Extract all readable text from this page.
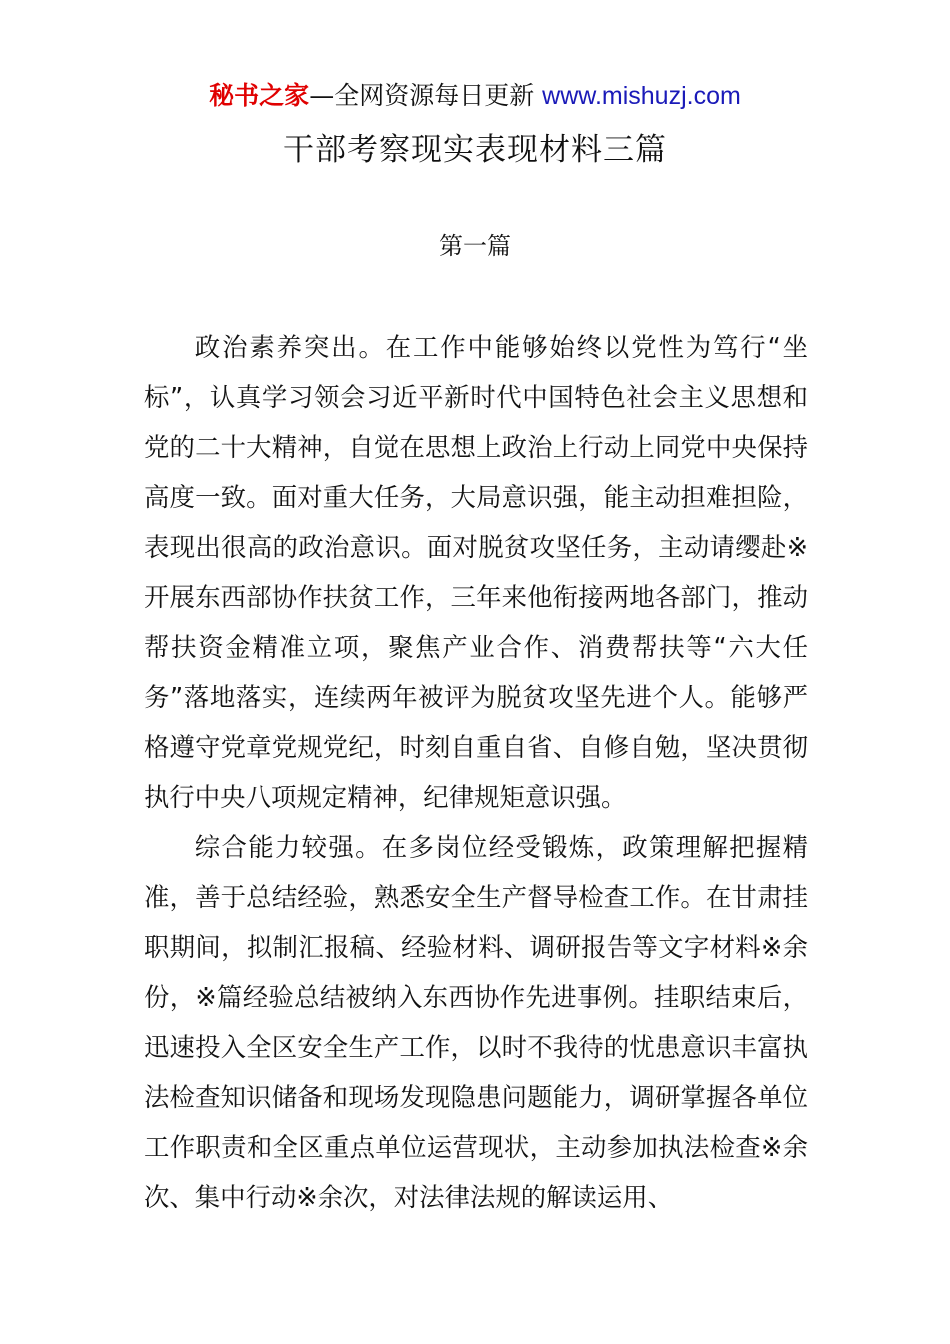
秘书之家—全网资源每日更新 www.mishuzj.com
干部考察现实表现材料三篇
第一篇

政治素养突出。在工作中能够始终以党性为笃行“坐标”，认真学习领会习近平新时代中国特色社会主义思想和党的二十大精神，自觉在思想上政治上行动上同党中央保持高度一致。面对重大任务，大局意识强，能主动担难担险，表现出很高的政治意识。面对脱贫攻坚任务，主动请缨赴※开展东西部协作扶贫工作，三年来他衔接两地各部门，推动帮扶资金精准立项，聚焦产业合作、消费帮扶等“六大任务”落地落实，连续两年被评为脱贫攻坚先进个人。能够严格遵守党章党规党纪，时刻自重自省、自修自勉，坚决贯彻执行中央八项规定精神，纪律规矩意识强。

综合能力较强。在多岗位经受锻炼，政策理解把握精准，善于总结经验，熟悉安全生产督导检查工作。在甘肃挂职期间，拟制汇报稿、经验材料、调研报告等文字材料※余份，※篇经验总结被纳入东西协作先进事例。挂职结束后，迅速投入全区安全生产工作，以时不我待的忧患意识丰富执法检查知识储备和现场发现隐患问题能力，调研掌握各单位工作职责和全区重点单位运营现状，主动参加执法检查※余次、集中行动※余次，对法律法规的解读运用、
